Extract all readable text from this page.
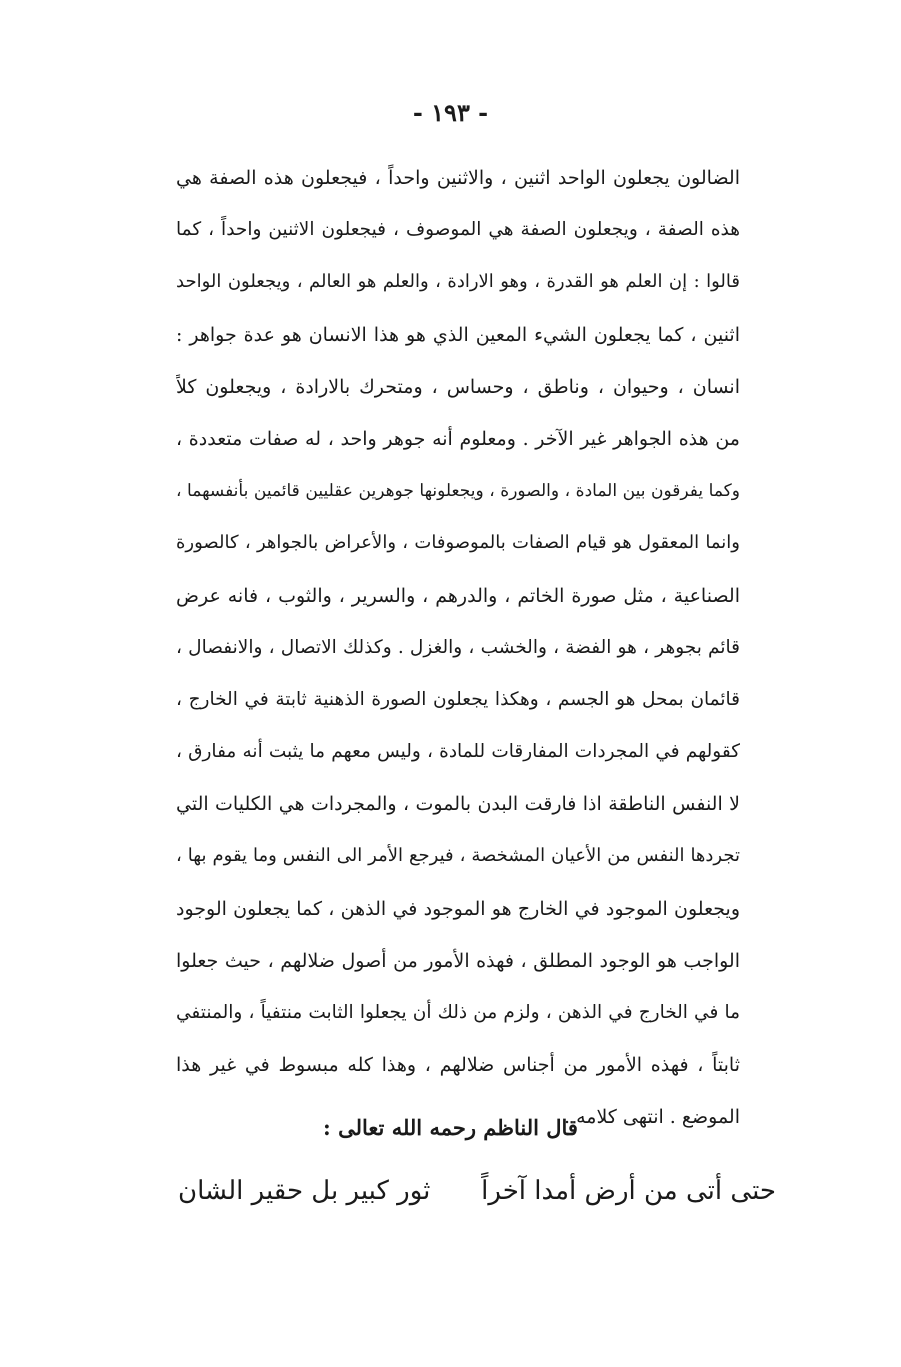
- ١٩٣ -
الضالون يجعلون الواحد اثنين ، والاثنين واحداً ، فيجعلون هذه الصفة هي
هذه الصفة ، ويجعلون الصفة هي الموصوف ، فيجعلون الاثنين واحداً ، كما
قالوا : إن العلم هو القدرة ، وهو الارادة ، والعلم هو العالم ، ويجعلون الواحد
اثنين ، كما يجعلون الشيء المعين الذي هو هذا الانسان هو عدة جواهر :
انسان ، وحيوان ، وناطق ، وحساس ، ومتحرك بالارادة ، ويجعلون كلاً
من هذه الجواهر غير الآخر . ومعلوم أنه جوهر واحد ، له صفات متعددة ،
وكما يفرقون بين المادة ، والصورة ، ويجعلونها جوهرين عقليين قائمين بأنفسهما ،
وانما المعقول هو قيام الصفات بالموصوفات ، والأعراض بالجواهر ، كالصورة
الصناعية ، مثل صورة الخاتم ، والدرهم ، والسرير ، والثوب ، فانه عرض
قائم بجوهر ، هو الفضة ، والخشب ، والغزل . وكذلك الاتصال ، والانفصال ،
قائمان بمحل هو الجسم ، وهكذا يجعلون الصورة الذهنية ثابتة في الخارج ،
كقولهم في المجردات المفارقات للمادة ، وليس معهم ما يثبت أنه مفارق ،
لا النفس الناطقة اذا فارقت البدن بالموت ، والمجردات هي الكليات التي
تجردها النفس من الأعيان المشخصة ، فيرجع الأمر الى النفس وما يقوم بها ،
ويجعلون الموجود في الخارج هو الموجود في الذهن ، كما يجعلون الوجود
الواجب هو الوجود المطلق ، فهذه الأمور من أصول ضلالهم ، حيث جعلوا
ما في الخارج في الذهن ، ولزم من ذلك أن يجعلوا الثابت منتفياً ، والمنتفي
ثابتاً ، فهذه الأمور من أجناس ضلالهم ، وهذا كله مبسوط في غير هذا
الموضع . انتهى كلامه .
قال الناظم رحمه الله تعالى :
حتى أتى من أرض أمدا آخراً
ثور كبير بل حقير الشان
